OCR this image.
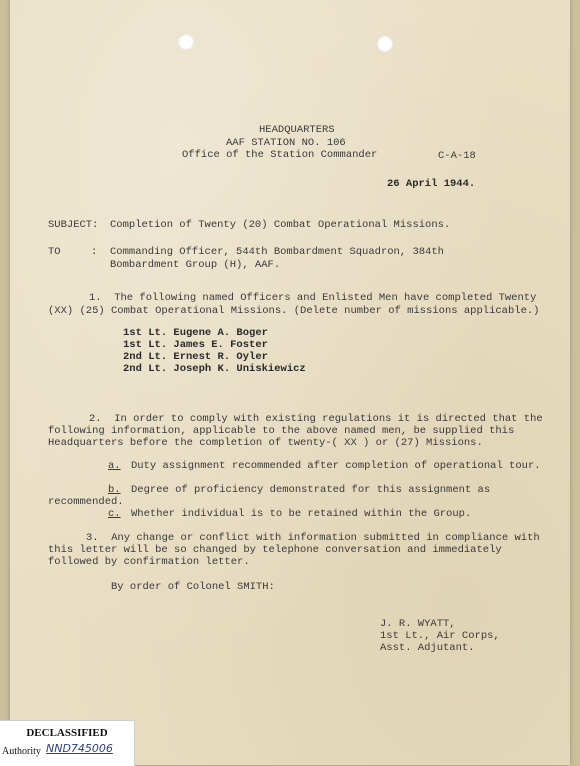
HEADQUARTERS
AAF STATION NO. 106
Office of the Station Commander	C-A-18
26 April 1944.
SUBJECT: Completion of Twenty (20) Combat Operational Missions.
TO	: Commanding Officer, 544th Bombardment Squadron, 384th
Bombardment Group (H), AAF.
1.  The following named Officers and Enlisted Men have completed Twenty
(XX) (25) Combat Operational Missions. (Delete number of missions applicable.)
1st Lt. Eugene A. Boger
1st Lt. James E. Foster
2nd Lt. Ernest R. Oyler
2nd Lt. Joseph K. Uniskiewicz
2.  In order to comply with existing regulations it is directed that the
following information, applicable to the above named men, be supplied this
Headquarters before the completion of twenty-( XX ) or (27) Missions.
a. Duty assignment recommended after completion of operational tour.
b. Degree of proficiency demonstrated for this assignment as
recommended.
c. Whether individual is to be retained within the Group.
3.  Any change or conflict with information submitted in compliance with
this letter will be so changed by telephone conversation and immediately
followed by confirmation letter.
By order of Colonel SMITH:
J. R. WYATT,
1st Lt., Air Corps,
Asst. Adjutant.
DECLASSIFIED
Authority NND745006
